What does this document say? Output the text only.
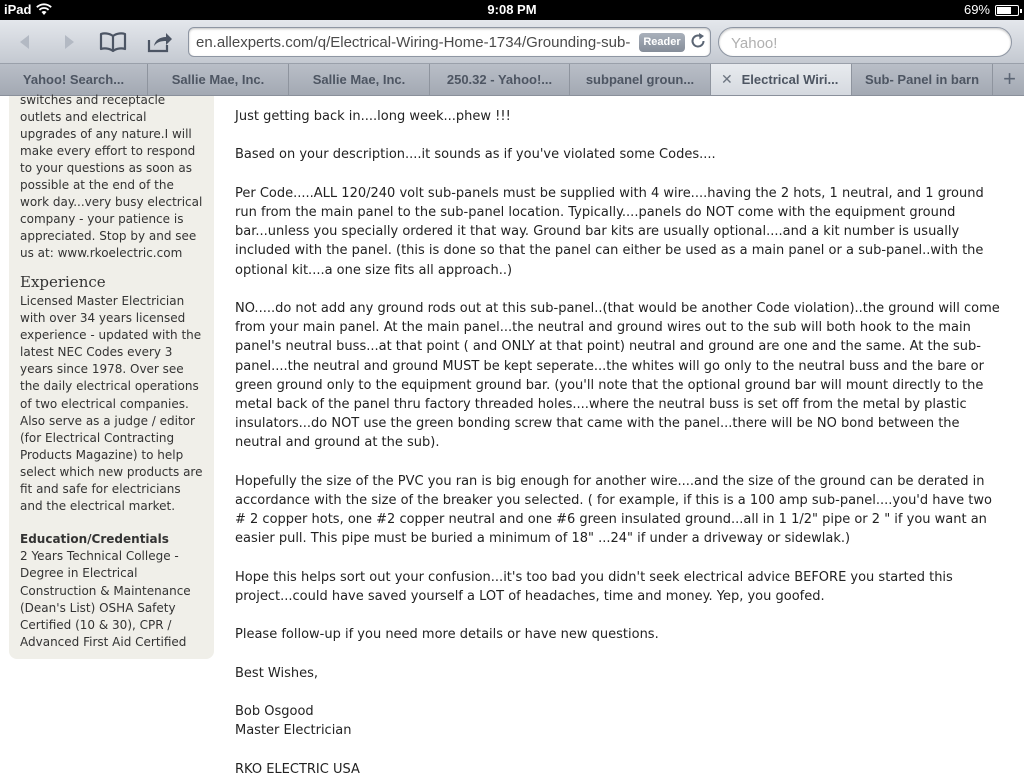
iPad	9:08 PM	69%
en.allexperts.com/q/Electrical-Wiring-Home-1734/Grounding-sub-	Reader
Yahoo!
Yahoo! Search...	Sallie Mae, Inc.	Sallie Mae, Inc.	250.32 - Yahoo!...	subpanel groun...	✕ Electrical Wiri...	Sub- Panel in barn	+
switches and receptacle outlets and electrical upgrades of any nature.I will make every effort to respond to your questions as soon as possible at the end of the work day...very busy electrical company - your patience is appreciated. Stop by and see us at: www.rkoelectric.com
Experience
Licensed Master Electrician with over 34 years licensed experience - updated with the latest NEC Codes every 3 years since 1978. Over see the daily electrical operations of two electrical companies. Also serve as a judge / editor (for Electrical Contracting Products Magazine) to help select which new products are fit and safe for electricians and the electrical market.
Education/Credentials
2 Years Technical College - Degree in Electrical Construction & Maintenance (Dean's List) OSHA Safety Certified (10 & 30), CPR / Advanced First Aid Certified

Just getting back in....long week...phew !!!

Based on your description....it sounds as if you've violated some Codes....

Per Code.....ALL 120/240 volt sub-panels must be supplied with 4 wire....having the 2 hots, 1 neutral, and 1 ground run from the main panel to the sub-panel location. Typically....panels do NOT come with the equipment ground bar...unless you specially ordered it that way. Ground bar kits are usually optional....and a kit number is usually included with the panel. (this is done so that the panel can either be used as a main panel or a sub-panel..with the optional kit....a one size fits all approach..)

NO.....do not add any ground rods out at this sub-panel..(that would be another Code violation)..the ground will come from your main panel. At the main panel...the neutral and ground wires out to the sub will both hook to the main panel's neutral buss...at that point ( and ONLY at that point) neutral and ground are one and the same. At the sub-panel....the neutral and ground MUST be kept seperate...the whites will go only to the neutral buss and the bare or green ground only to the equipment ground bar. (you'll note that the optional ground bar will mount directly to the metal back of the panel thru factory threaded holes....where the neutral buss is set off from the metal by plastic insulators...do NOT use the green bonding screw that came with the panel...there will be NO bond between the neutral and ground at the sub).

Hopefully the size of the PVC you ran is big enough for another wire....and the size of the ground can be derated in accordance with the size of the breaker you selected. ( for example, if this is a 100 amp sub-panel....you'd have two # 2 copper hots, one #2 copper neutral and one #6 green insulated ground...all in 1 1/2" pipe or 2 " if you want an easier pull. This pipe must be buried a minimum of 18" ...24" if under a driveway or sidewlak.)

Hope this helps sort out your confusion...it's too bad you didn't seek electrical advice BEFORE you started this project...could have saved yourself a LOT of headaches, time and money. Yep, you goofed.

Please follow-up if you need more details or have new questions.

Best Wishes,

Bob Osgood
Master Electrician
RKO ELECTRIC USA
